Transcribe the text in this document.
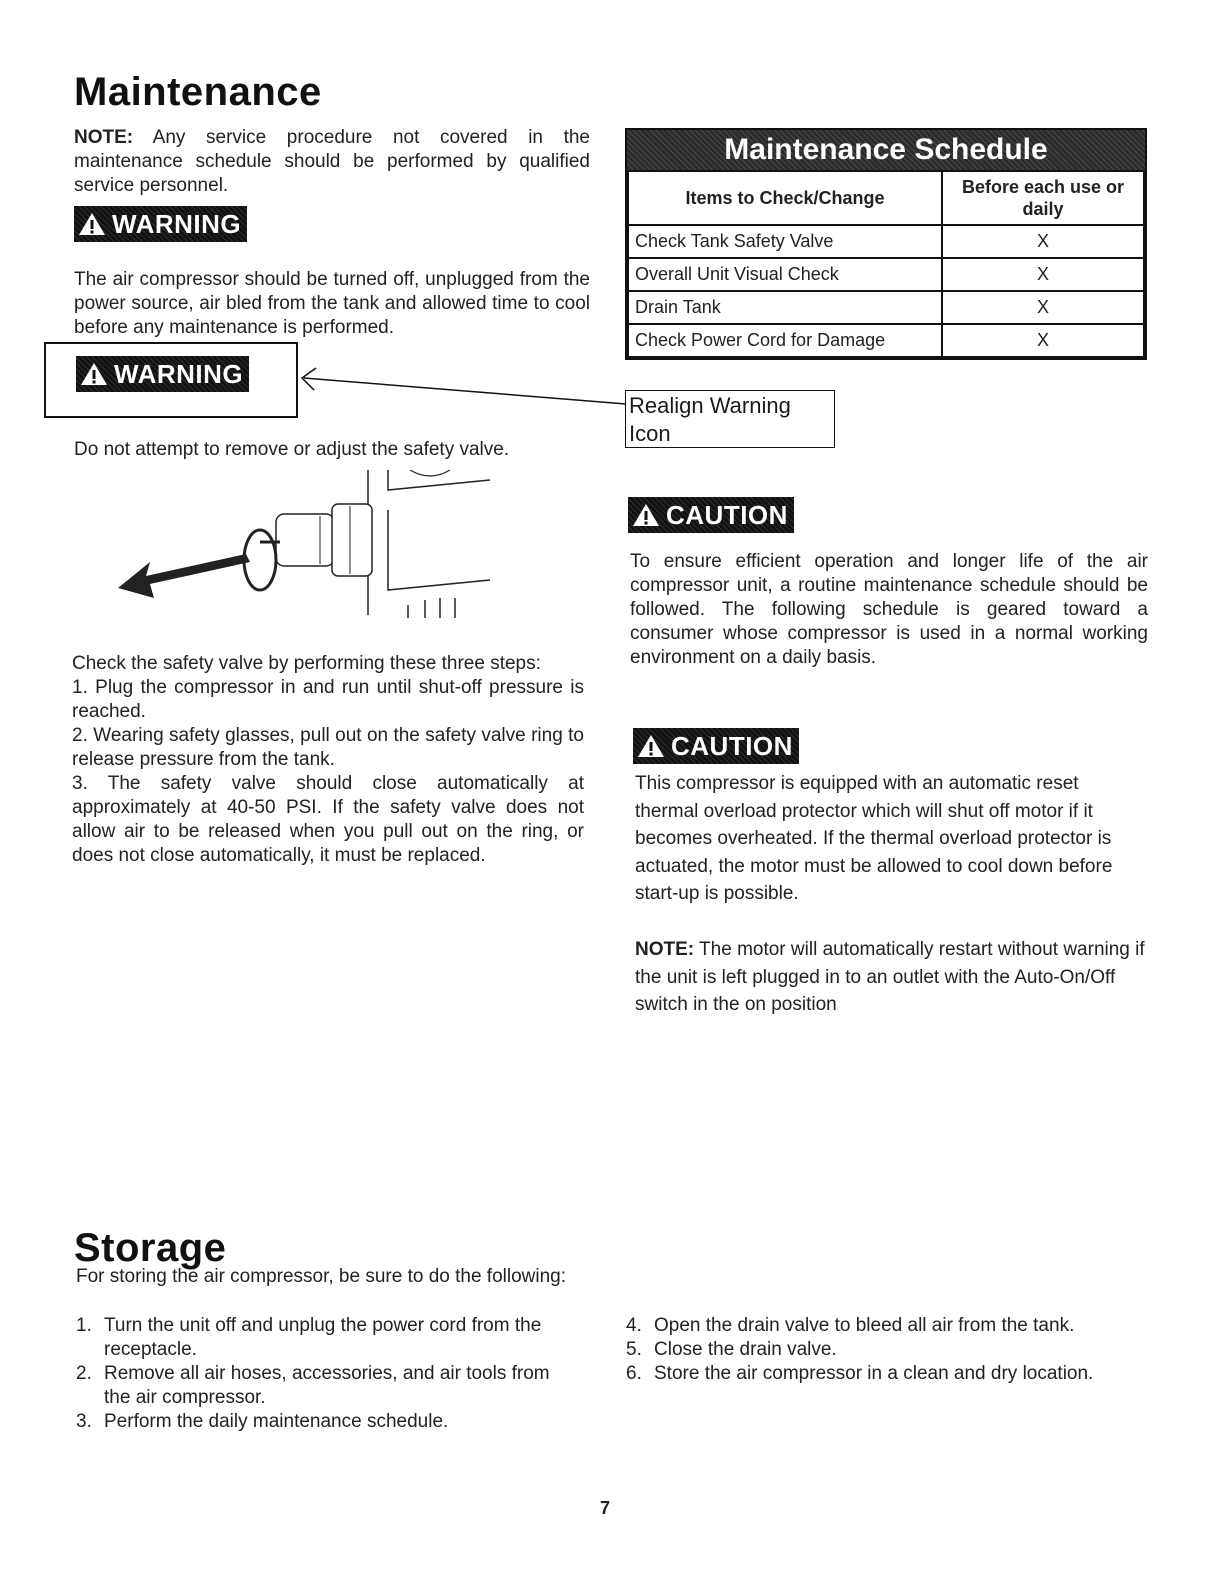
Maintenance
NOTE: Any service procedure not covered in the maintenance schedule should be performed by qualified service personnel.
WARNING
The air compressor should be turned off, unplugged from the power source, air bled from the tank and allowed time to cool before any maintenance is performed.
WARNING
Realign Warning Icon
Do not attempt to remove or adjust the safety valve.
Check the safety valve by performing these three steps:
1. Plug the compressor in and run until shut-off pressure is reached.
2. Wearing safety glasses, pull out on the safety valve ring to release pressure from the tank.
3. The safety valve should close automatically at approximately at 40-50 PSI. If the safety valve does not allow air to be released when you pull out on the ring, or does not close automatically, it must be replaced.
Maintenance Schedule
Items to Check/Change	Before each use or daily
Check Tank Safety Valve	X
Overall Unit Visual Check	X
Drain Tank	X
Check Power Cord for Damage	X
CAUTION
To ensure efficient operation and longer life of the air compressor unit, a routine maintenance schedule should be followed. The following schedule is geared toward a consumer whose compressor is used in a normal working environment on a daily basis.
CAUTION
This compressor is equipped with an automatic reset thermal overload protector which will shut off motor if it becomes overheated. If the thermal overload protector is actuated, the motor must be allowed to cool down before start-up is possible.
NOTE: The motor will automatically restart without warning if the unit is left plugged in to an outlet with the Auto-On/Off switch in the on position
Storage
For storing the air compressor, be sure to do the following:
1. Turn the unit off and unplug the power cord from the receptacle.
2. Remove all air hoses, accessories, and air tools from the air compressor.
3. Perform the daily maintenance schedule.
4. Open the drain valve to bleed all air from the tank.
5. Close the drain valve.
6. Store the air compressor in a clean and dry location.
7
